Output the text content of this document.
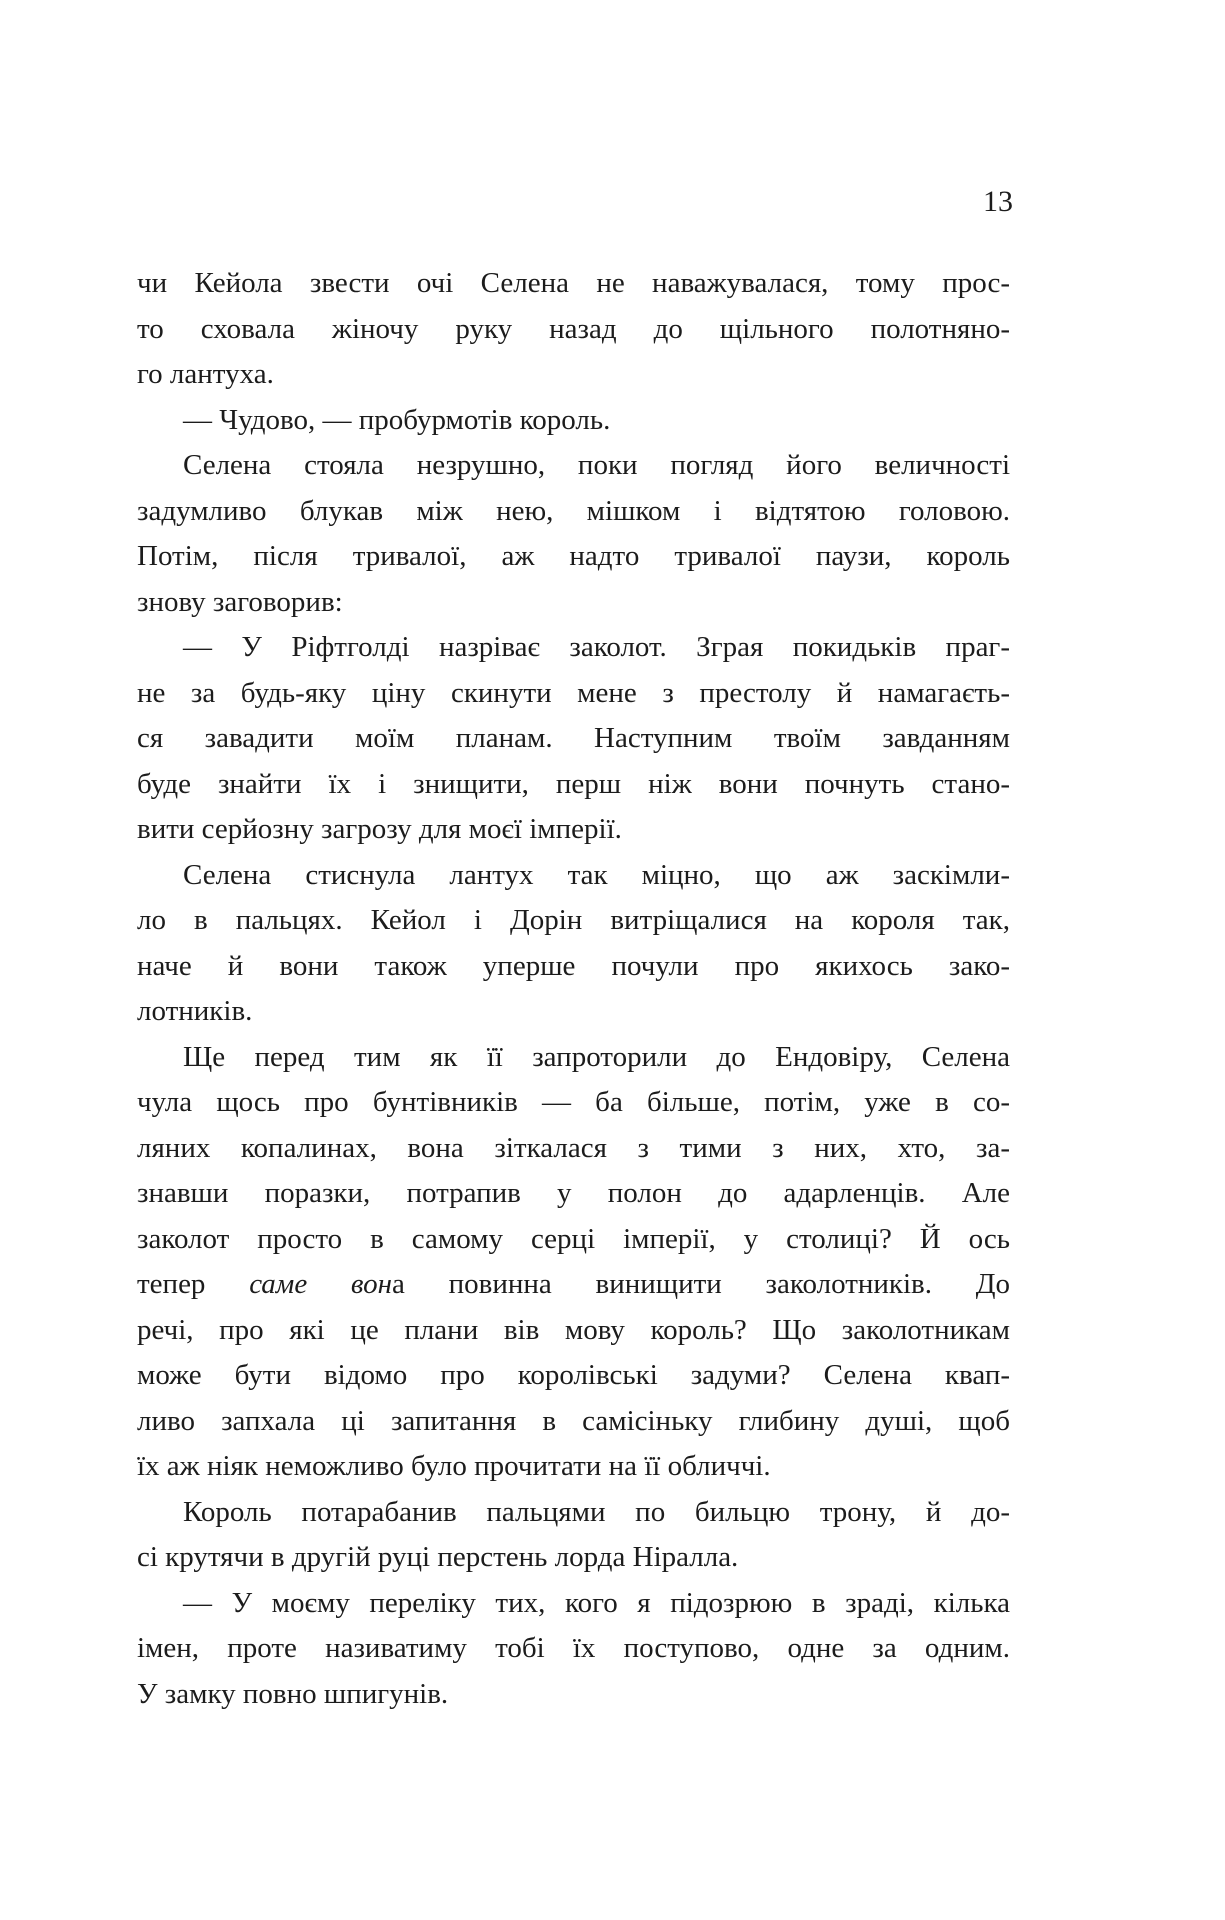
13
чи Кейола звести очі Селена не наважувалася, тому прос-
то сховала жіночу руку назад до щільного полотняно-
го лантуха.
— Чудово, — пробурмотів король.
Селена стояла незрушно, поки погляд його величності
задумливо блукав між нею, мішком і відтятою головою.
Потім, після тривалої, аж надто тривалої паузи, король
знову заговорив:
— У Ріфтголді назріває заколот. Зграя покидьків праг-
не за будь-яку ціну скинути мене з престолу й намагаєть-
ся завадити моїм планам. Наступним твоїм завданням
буде знайти їх і знищити, перш ніж вони почнуть стано-
вити серйозну загрозу для моєї імперії.
Селена стиснула лантух так міцно, що аж заскімли-
ло в пальцях. Кейол і Дорін витріщалися на короля так,
наче й вони також уперше почули про якихось зако-
лотників.
Ще перед тим як її запроторили до Ендовіру, Селена
чула щось про бунтівників — ба більше, потім, уже в со-
ляних копалинах, вона зіткалася з тими з них, хто, за-
знавши поразки, потрапив у полон до адарленців. Але
заколот просто в самому серці імперії, у столиці? Й ось
тепер саме вона повинна винищити заколотників. До
речі, про які це плани вів мову король? Що заколотникам
може бути відомо про королівські задуми? Селена квап-
ливо запхала ці запитання в самісіньку глибину душі, щоб
їх аж ніяк неможливо було прочитати на її обличчі.
Король потарабанив пальцями по бильцю трону, й до-
сі крутячи в другій руці перстень лорда Ніралла.
— У моєму переліку тих, кого я підозрюю в зраді, кілька
імен, проте називатиму тобі їх поступово, одне за одним.
У замку повно шпигунів.
